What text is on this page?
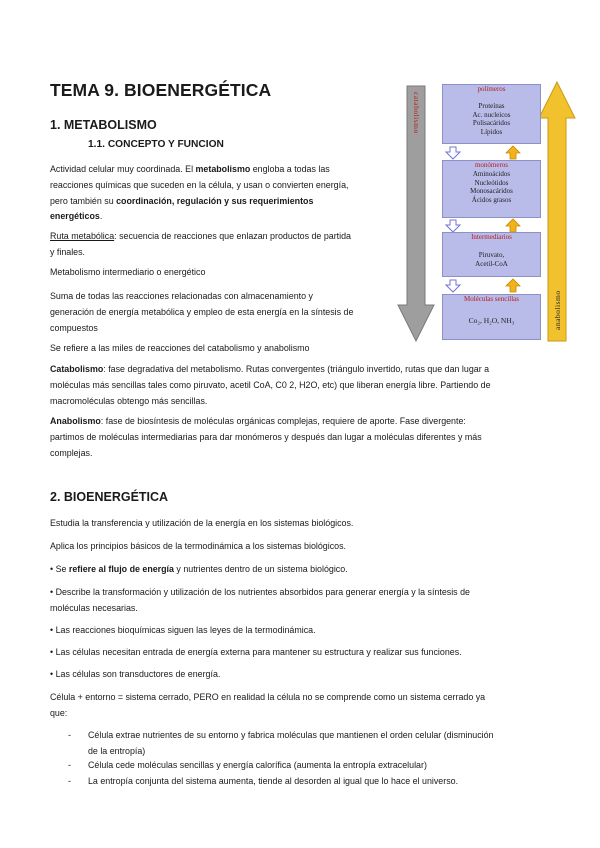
TEMA 9. BIOENERGÉTICA
1. METABOLISMO
1.1. CONCEPTO Y FUNCION
Actividad celular muy coordinada. El metabolismo engloba a todas las
reacciones químicas que suceden en la célula, y usan o convierten energía,
pero también su coordinación, regulación y sus requerimientos
energéticos.
Ruta metabólica: secuencia de reacciones que enlazan productos de partida
y finales.
Metabolismo intermediario o energético
Suma de todas las reacciones relacionadas con almacenamiento y
generación de energía metabólica y empleo de esta energía en la síntesis de
compuestos
Se refiere a las miles de reacciones del catabolismo y anabolismo
Catabolismo: fase degradativa del metabolismo. Rutas convergentes (triángulo invertido, rutas que dan lugar a
moléculas más sencillas tales como piruvato, acetil CoA, C0 2, H2O, etc) que liberan energía libre. Partiendo de
macromoléculas obtengo más sencillas.
Anabolismo: fase de biosíntesis de moléculas orgánicas complejas, requiere de aporte. Fase divergente:
partimos de moléculas intermediarias para dar monómeros y después dan lugar a moléculas diferentes y más
complejas.
2. BIOENERGÉTICA
Estudia la transferencia y utilización de la energía en los sistemas biológicos.
Aplica los principios básicos de la termodinámica a los sistemas biológicos.
• Se refiere al flujo de energía y nutrientes dentro de un sistema biológico.
• Describe la transformación y utilización de los nutrientes absorbidos para generar energía y la síntesis de
moléculas necesarias.
• Las reacciones bioquímicas siguen las leyes de la termodinámica.
• Las células necesitan entrada de energía externa para mantener su estructura y realizar sus funciones.
• Las células son transductores de energía.
Célula + entorno = sistema cerrado, PERO en realidad la célula no se comprende como un sistema cerrado ya
que:
- Célula extrae nutrientes de su entorno y fabrica moléculas que mantienen el orden celular (disminución
de la entropía)
- Célula cede moléculas sencillas y energía calorífica (aumenta la entropía extracelular)
- La entropía conjunta del sistema aumenta, tiende al desorden al igual que lo hace el universo.
catabolismo
anabolismo
polímeros
Proteínas
Ac. nucleicos
Polisacáridos
Lípidos
monómeros
Aminoácidos
Nucleótidos
Monosacáridos
Ácidos grasos
Intermediarios
Piruvato,
Acetil-CoA
Moléculas sencillas
Co₂, H₂O, NH₃
